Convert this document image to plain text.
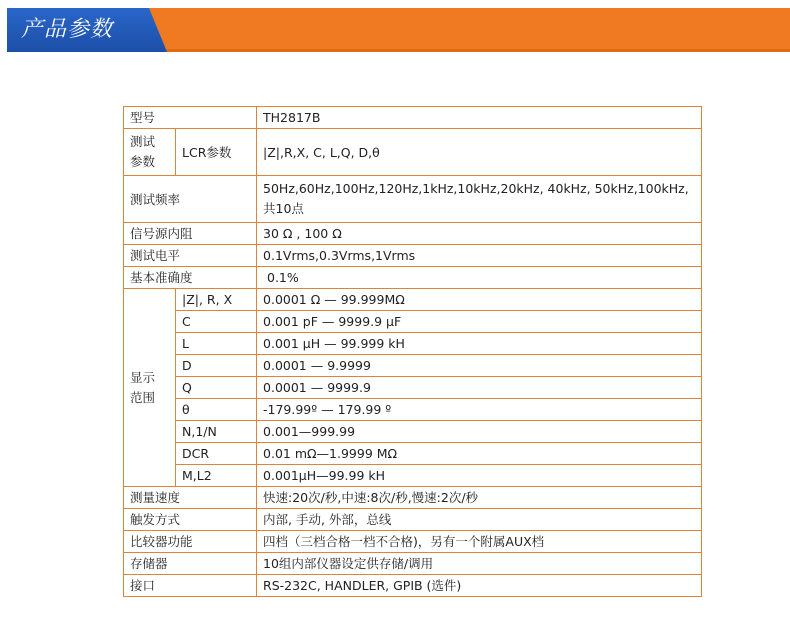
产品参数
型号		TH2817B
测试
参数	LCR参数	|Z|,R,X, C, L,Q, D,θ
测试频率		50Hz,60Hz,100Hz,120Hz,1kHz,10kHz,20kHz, 40kHz, 50kHz,100kHz, 共10点
信号源内阻		30 Ω , 100 Ω
测试电平		0.1Vrms,0.3Vrms,1Vrms
基本准确度		0.1%
显示
范围	|Z|, R, X	0.0001 Ω — 99.999MΩ
	C	0.001 pF — 9999.9 μF
	L	0.001 μH — 99.999 kH
	D	0.0001 — 9.9999
	Q	0.0001 — 9999.9
	θ	-179.99º — 179.99 º
	N,1/N	0.001—999.99
	DCR	0.01 mΩ—1.9999 MΩ
	M,L2	0.001μH—99.99 kH
测量速度		快速:20次/秒,中速:8次/秒,慢速:2次/秒
触发方式		内部, 手动, 外部，总线
比较器功能		四档（三档合格一档不合格)，另有一个附属AUX档
存储器		10组内部仪器设定供存储/调用
接口		RS-232C, HANDLER, GPIB (选件)
